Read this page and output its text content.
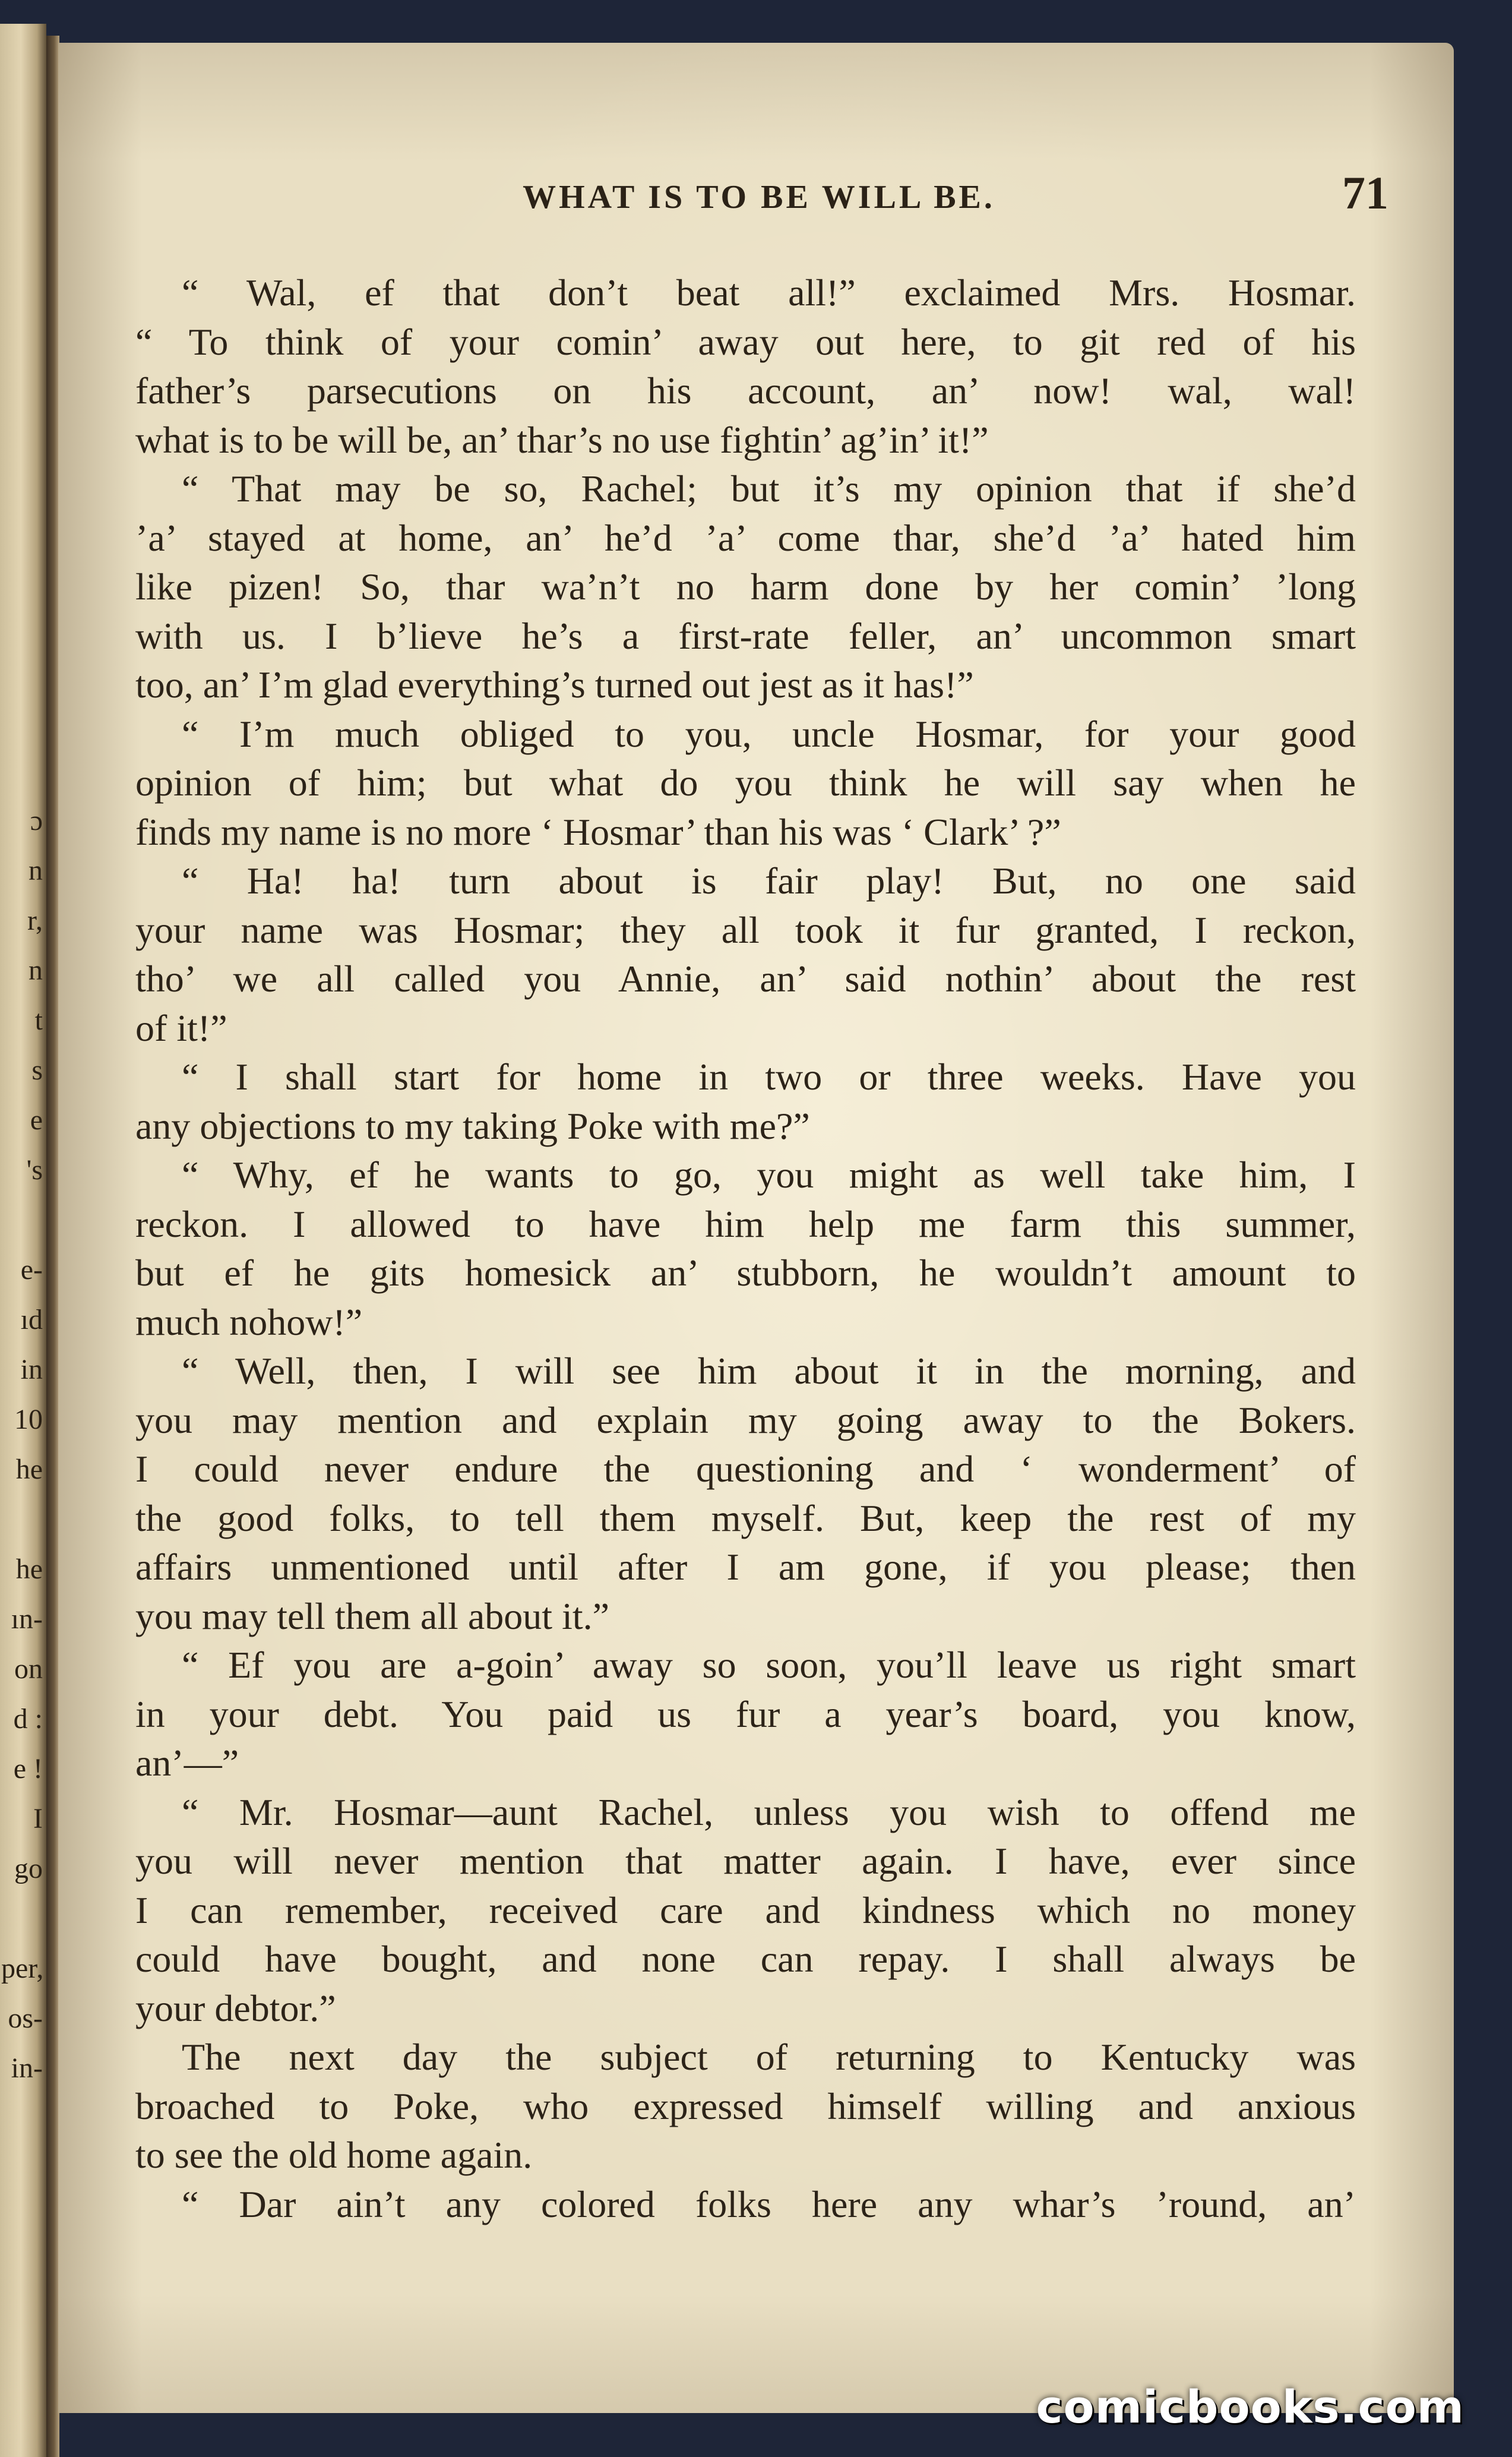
ɔ
n
r,
n
t
s
e
's
e-
ıd
in
10
he
he
ın-
on
d :
e !
I
go
per,
os-
in-
WHAT IS TO BE WILL BE.	71
“ Wal, ef that don’t beat all!” exclaimed Mrs. Hosmar.
“ To think of your comin’ away out here, to git red of his
father’s parsecutions on his account, an’ now! wal, wal!
what is to be will be, an’ thar’s no use fightin’ ag’in’ it!”
“ That may be so, Rachel; but it’s my opinion that if she’d
’a’ stayed at home, an’ he’d ’a’ come thar, she’d ’a’ hated him
like pizen! So, thar wa’n’t no harm done by her comin’ ’long
with us. I b’lieve he’s a first-rate feller, an’ uncommon smart
too, an’ I’m glad everything’s turned out jest as it has!”
“ I’m much obliged to you, uncle Hosmar, for your good
opinion of him; but what do you think he will say when he
finds my name is no more ‘ Hosmar’ than his was ‘ Clark’ ?”
“ Ha! ha! turn about is fair play! But, no one said
your name was Hosmar; they all took it fur granted, I reckon,
tho’ we all called you Annie, an’ said nothin’ about the rest
of it!”
“ I shall start for home in two or three weeks. Have you
any objections to my taking Poke with me?”
“ Why, ef he wants to go, you might as well take him, I
reckon. I allowed to have him help me farm this summer,
but ef he gits homesick an’ stubborn, he wouldn’t amount to
much nohow!”
“ Well, then, I will see him about it in the morning, and
you may mention and explain my going away to the Bokers.
I could never endure the questioning and ‘ wonderment’ of
the good folks, to tell them myself. But, keep the rest of my
affairs unmentioned until after I am gone, if you please; then
you may tell them all about it.”
“ Ef you are a-goin’ away so soon, you’ll leave us right smart
in your debt. You paid us fur a year’s board, you know,
an’—”
“ Mr. Hosmar—aunt Rachel, unless you wish to offend me
you will never mention that matter again. I have, ever since
I can remember, received care and kindness which no money
could have bought, and none can repay. I shall always be
your debtor.”
The next day the subject of returning to Kentucky was
broached to Poke, who expressed himself willing and anxious
to see the old home again.
“ Dar ain’t any colored folks here any whar’s ’round, an’
comicbooks.com
